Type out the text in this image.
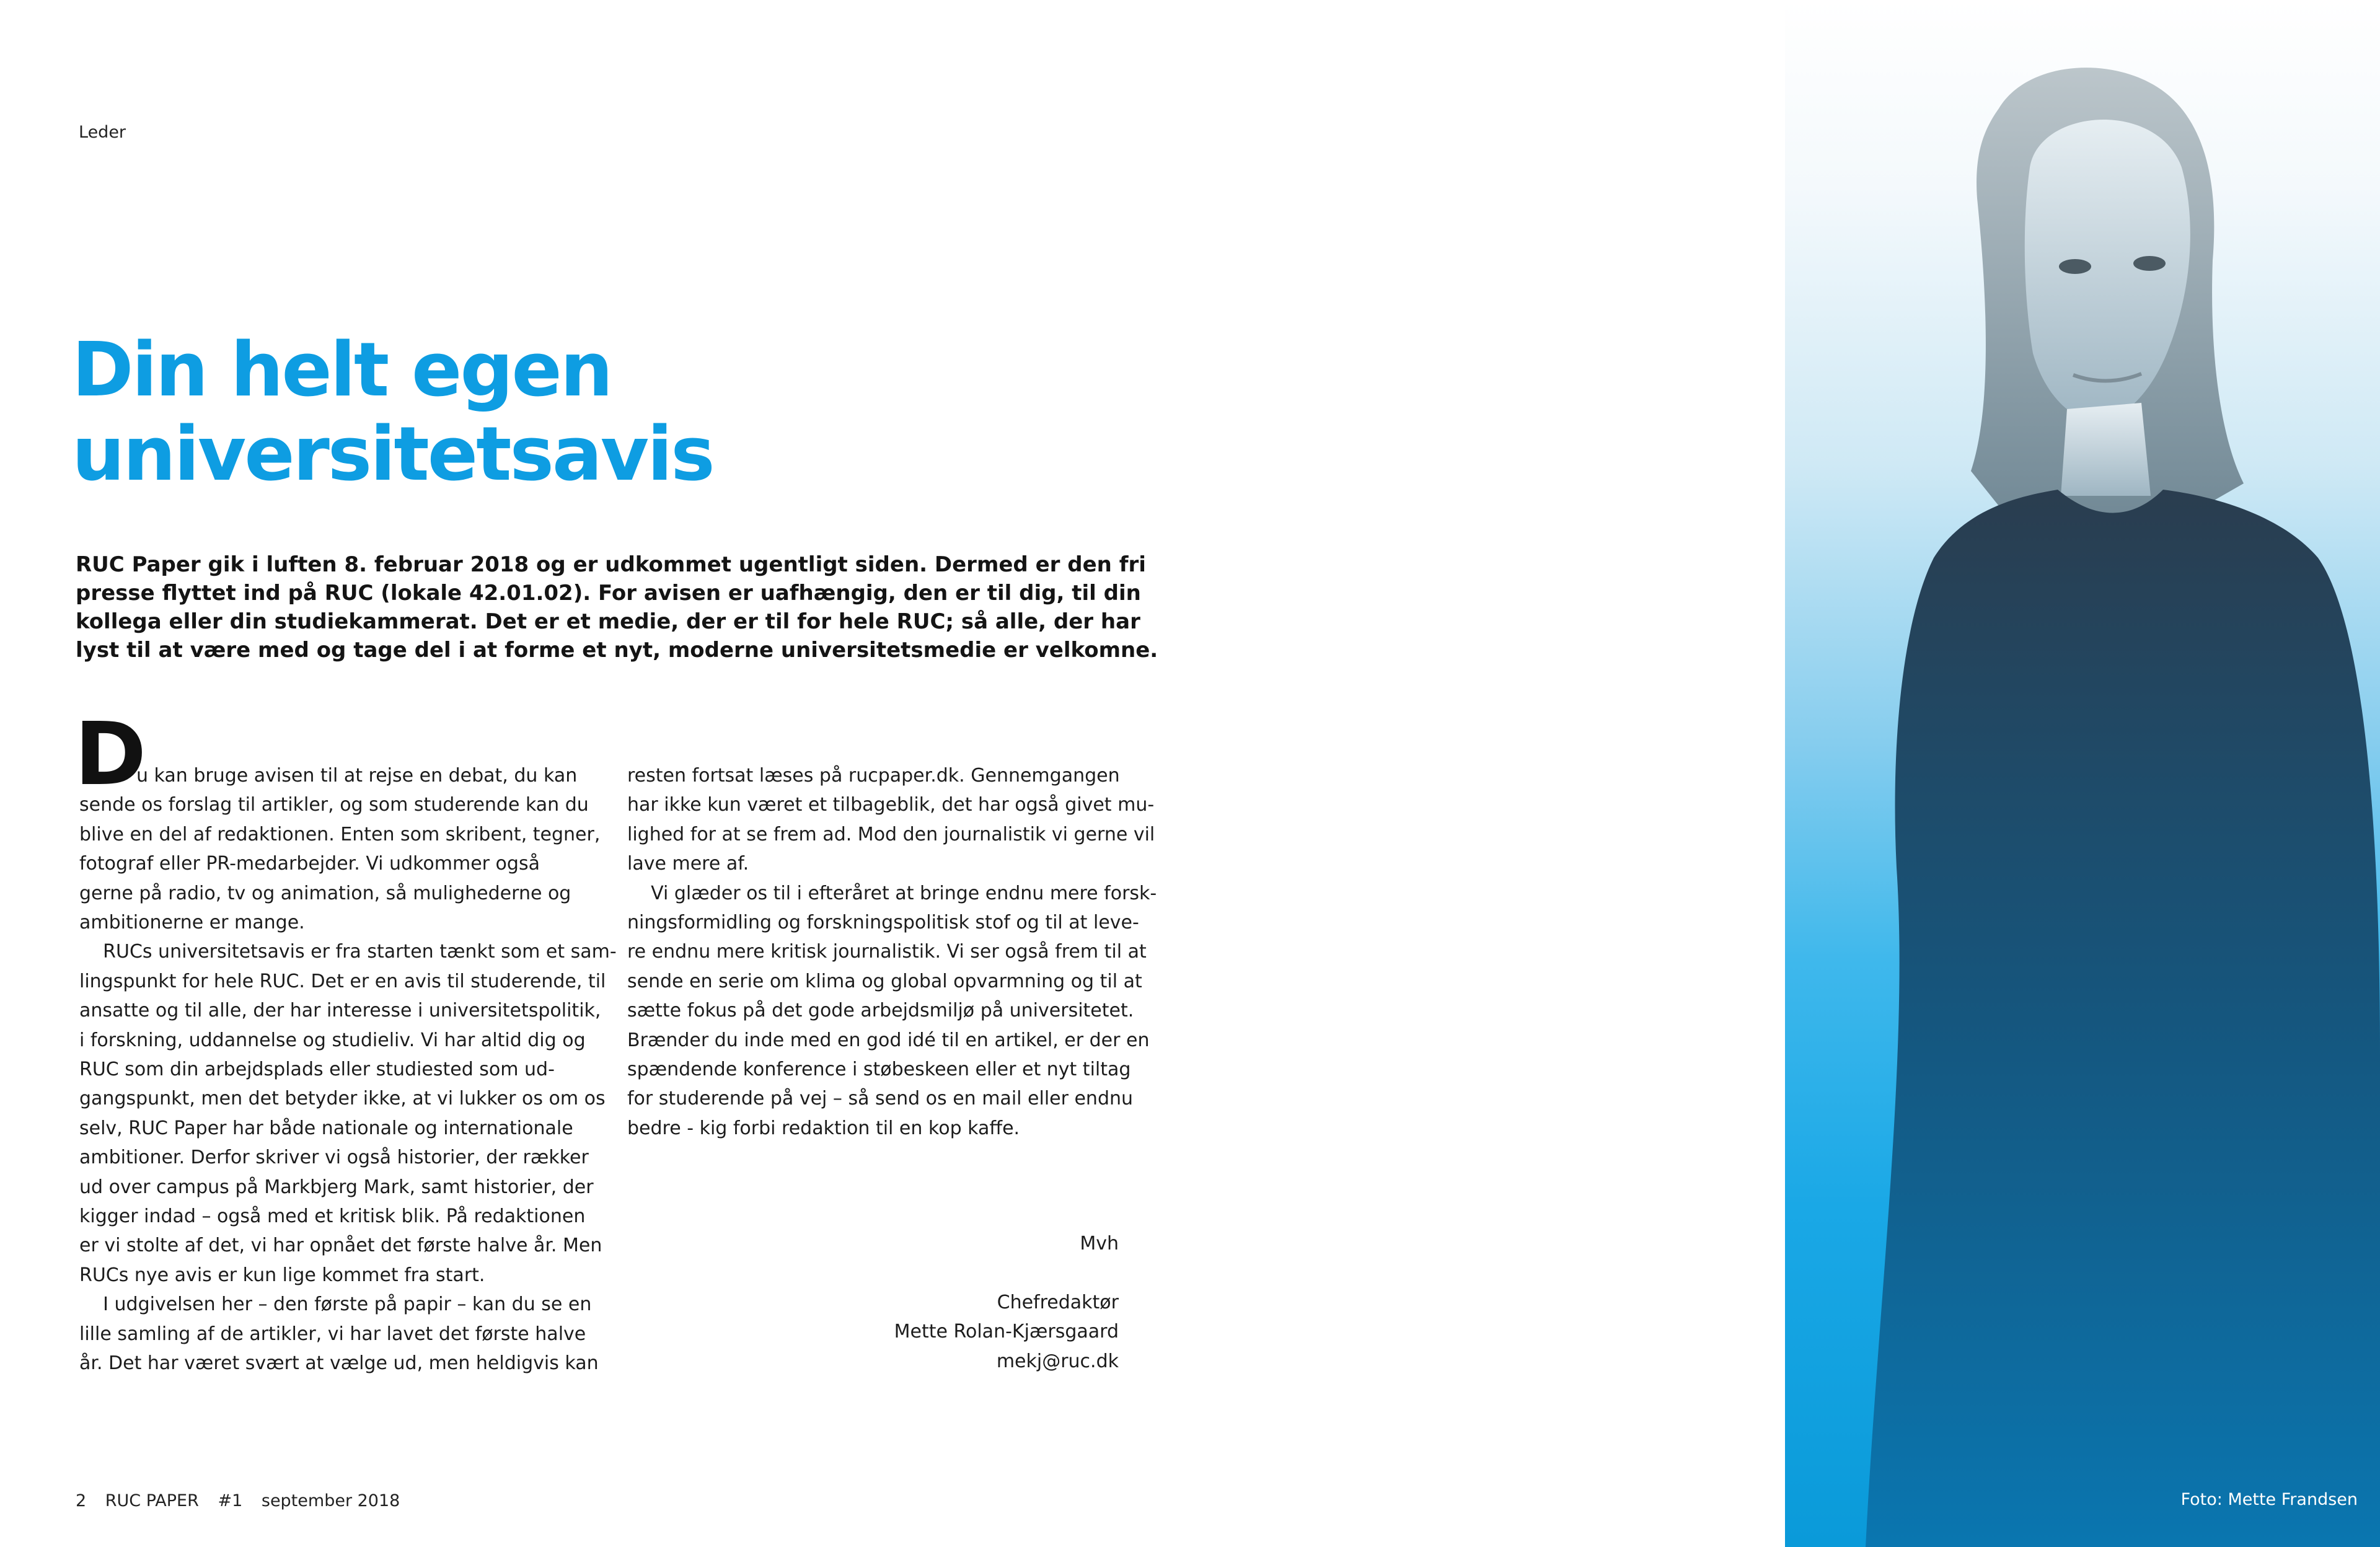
Leder
Din helt egen
universitetsavis
RUC Paper gik i luften 8. februar 2018 og er udkommet ugentligt siden. Dermed er den fri
presse flyttet ind på RUC (lokale 42.01.02). For avisen er uafhængig, den er til dig, til din
kollega eller din studiekammerat. Det er et medie, der er til for hele RUC; så alle, der har
lyst til at være med og tage del i at forme et nyt, moderne universitetsmedie er velkomne.
D
u kan bruge avisen til at rejse en debat, du kan
sende os forslag til artikler, og som studerende kan du
blive en del af redaktionen. Enten som skribent, tegner,
fotograf eller PR-medarbejder. Vi udkommer også
gerne på radio, tv og animation, så mulighederne og
ambitionerne er mange.
RUCs universitetsavis er fra starten tænkt som et sam-
lingspunkt for hele RUC. Det er en avis til studerende, til
ansatte og til alle, der har interesse i universitetspolitik,
i forskning, uddannelse og studieliv. Vi har altid dig og
RUC som din arbejdsplads eller studiested som ud-
gangspunkt, men det betyder ikke, at vi lukker os om os
selv, RUC Paper har både nationale og internationale
ambitioner. Derfor skriver vi også historier, der rækker
ud over campus på Markbjerg Mark, samt historier, der
kigger indad – også med et kritisk blik. På redaktionen
er vi stolte af det, vi har opnået det første halve år. Men
RUCs nye avis er kun lige kommet fra start.
I udgivelsen her – den første på papir – kan du se en
lille samling af de artikler, vi har lavet det første halve
år. Det har været svært at vælge ud, men heldigvis kan
resten fortsat læses på rucpaper.dk. Gennemgangen
har ikke kun været et tilbageblik, det har også givet mu-
lighed for at se frem ad. Mod den journalistik vi gerne vil
lave mere af.
Vi glæder os til i efteråret at bringe endnu mere forsk-
ningsformidling og forskningspolitisk stof og til at leve-
re endnu mere kritisk journalistik. Vi ser også frem til at
sende en serie om klima og global opvarmning og til at
sætte fokus på det gode arbejdsmiljø på universitetet.
Brænder du inde med en god idé til en artikel, er der en
spændende konference i støbeskeen eller et nyt tiltag
for studerende på vej – så send os en mail eller endnu
bedre - kig forbi redaktion til en kop kaffe.
Mvh
Chefredaktør
Mette Rolan-Kjærsgaard
mekj@ruc.dk
2 RUC PAPER #1 september 2018	Foto: Mette Frandsen
